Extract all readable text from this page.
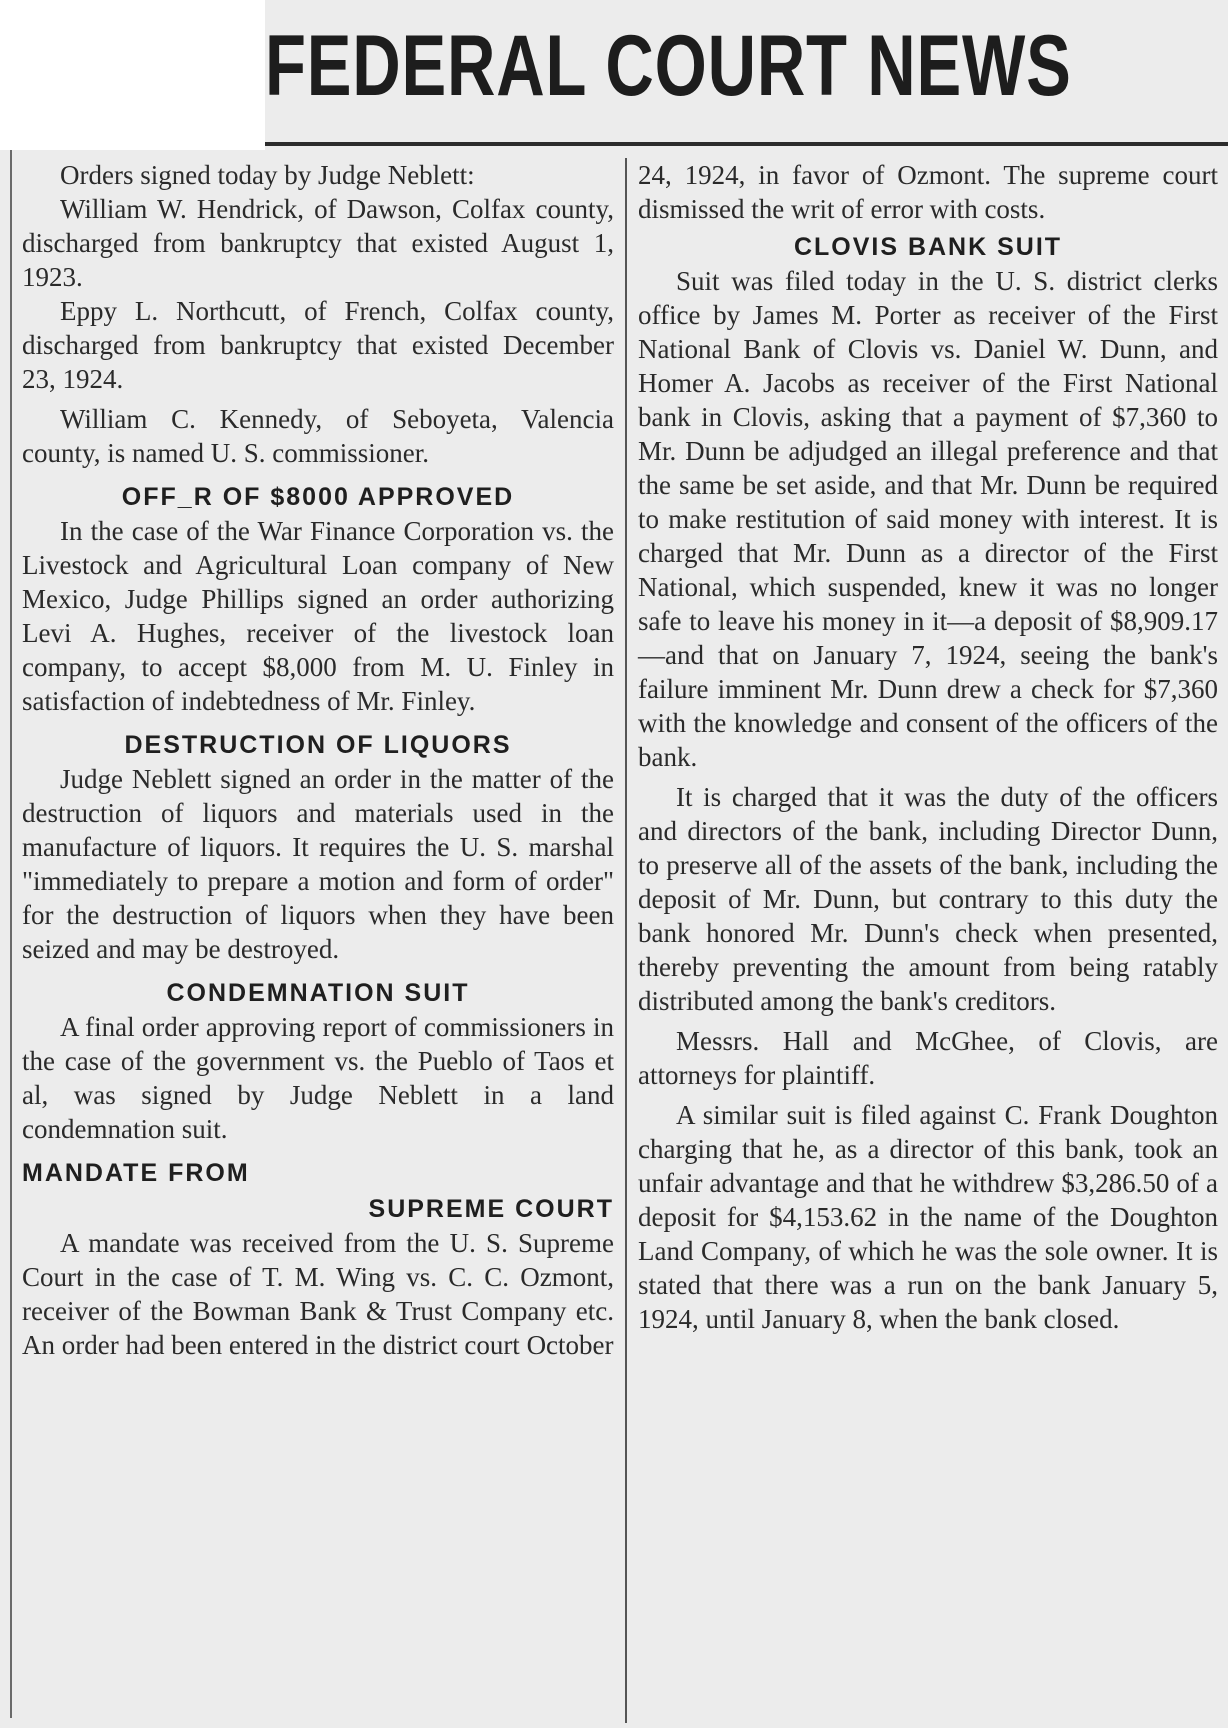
FEDERAL COURT NEWS

Orders signed today by Judge Neblett:

William W. Hendrick, of Dawson, Colfax county, discharged from bankruptcy that existed August 1, 1923.

Eppy L. Northcutt, of French, Colfax county, discharged from bankruptcy that existed December 23, 1924.

William C. Kennedy, of Seboyeta, Valencia county, is named U. S. commissioner.

OFF_R OF $8000 APPROVED

In the case of the War Finance Corporation vs. the Livestock and Agricultural Loan company of New Mexico, Judge Phillips signed an order authorizing Levi A. Hughes, receiver of the livestock loan company, to accept $8,000 from M. U. Finley in satisfaction of indebtedness of Mr. Finley.

DESTRUCTION OF LIQUORS

Judge Neblett signed an order in the matter of the destruction of liquors and materials used in the manufacture of liquors. It requires the U. S. marshal "immediately to prepare a motion and form of order" for the destruction of liquors when they have been seized and may be destroyed.

CONDEMNATION SUIT

A final order approving report of commissioners in the case of the government vs. the Pueblo of Taos et al, was signed by Judge Neblett in a land condemnation suit.

MANDATE FROM
SUPREME COURT

A mandate was received from the U. S. Supreme Court in the case of T. M. Wing vs. C. C. Ozmont, receiver of the Bowman Bank & Trust Company etc. An order had been entered in the district court October

24, 1924, in favor of Ozmont. The supreme court dismissed the writ of error with costs.

CLOVIS BANK SUIT

Suit was filed today in the U. S. district clerks office by James M. Porter as receiver of the First National Bank of Clovis vs. Daniel W. Dunn, and Homer A. Jacobs as receiver of the First National bank in Clovis, asking that a payment of $7,360 to Mr. Dunn be adjudged an illegal preference and that the same be set aside, and that Mr. Dunn be required to make restitution of said money with interest. It is charged that Mr. Dunn as a director of the First National, which suspended, knew it was no longer safe to leave his money in it—a deposit of $8,909.17—and that on January 7, 1924, seeing the bank's failure imminent Mr. Dunn drew a check for $7,360 with the knowledge and consent of the officers of the bank.

It is charged that it was the duty of the officers and directors of the bank, including Director Dunn, to preserve all of the assets of the bank, including the deposit of Mr. Dunn, but contrary to this duty the bank honored Mr. Dunn's check when presented, thereby preventing the amount from being ratably distributed among the bank's creditors.

Messrs. Hall and McGhee, of Clovis, are attorneys for plaintiff.

A similar suit is filed against C. Frank Doughton charging that he, as a director of this bank, took an unfair advantage and that he withdrew $3,286.50 of a deposit for $4,153.62 in the name of the Doughton Land Company, of which he was the sole owner. It is stated that there was a run on the bank January 5, 1924, until January 8, when the bank closed.
